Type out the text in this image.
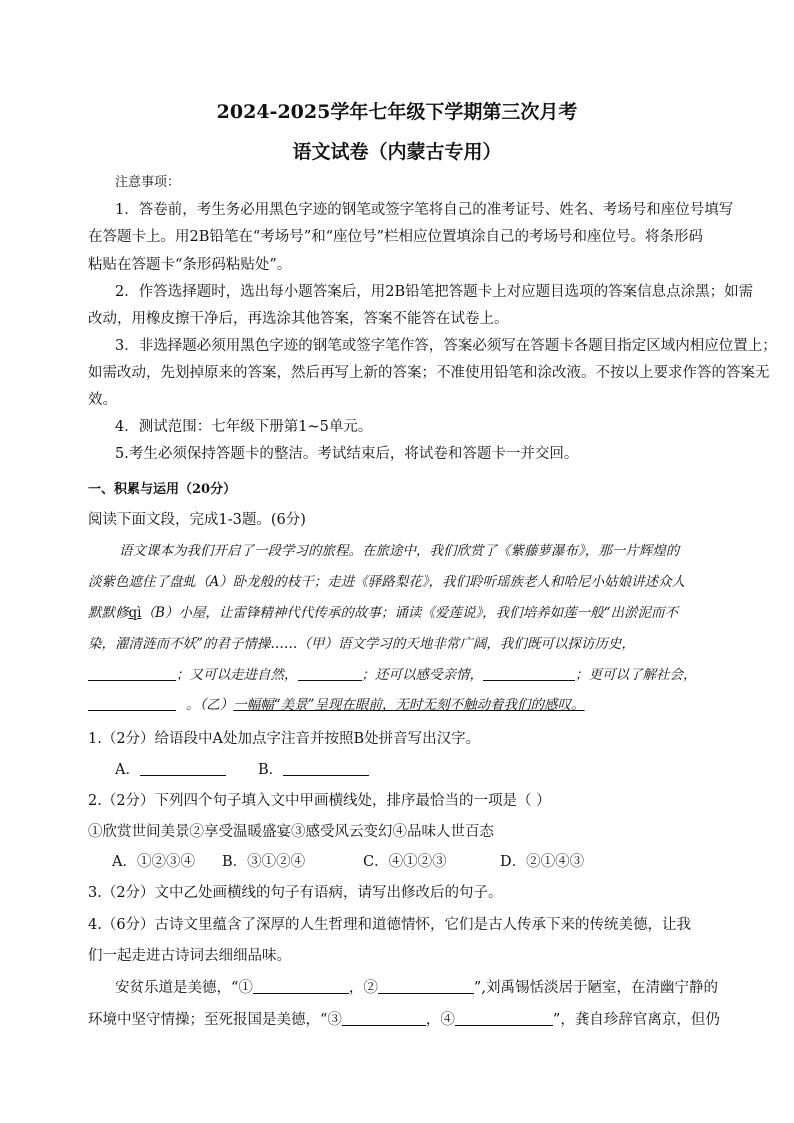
2024-2025学年七年级下学期第三次月考
语文试卷（内蒙古专用）
注意事项：
1．答卷前，考生务必用黑色字迹的钢笔或签字笔将自己的准考证号、姓名、考场号和座位号填写
在答题卡上。用2B铅笔在“考场号”和“座位号”栏相应位置填涂自己的考场号和座位号。将条形码
粘贴在答题卡“条形码粘贴处”。
2．作答选择题时，选出每小题答案后，用2B铅笔把答题卡上对应题目选项的答案信息点涂黑；如需
改动，用橡皮擦干净后，再选涂其他答案，答案不能答在试卷上。
3．非选择题必须用黑色字迹的钢笔或签字笔作答，答案必须写在答题卡各题目指定区域内相应位置上；
如需改动，先划掉原来的答案，然后再写上新的答案；不准使用铅笔和涂改液。不按以上要求作答的答案无
效。
4．测试范围：七年级下册第1~5单元。
5.考生必须保持答题卡的整洁。考试结束后，将试卷和答题卡一并交回。
一、积累与运用（20分）
阅读下面文段，完成1-3题。(6分)
语文课本为我们开启了一段学习的旅程。在旅途中，我们欣赏了《紫藤萝瀑布》，那一片辉煌的
淡紫色遮住了盘虬（A）卧龙般的枝干；走进《驿路梨花》，我们聆听瑶族老人和哈尼小姑娘讲述众人
默默修qì（B）小屋，让雷锋精神代代传承的故事；诵读《爱莲说》，我们培养如莲一般“出淤泥而不
染，濯清涟而不妖”的君子情操……（甲）语文学习的天地非常广阔，我们既可以探访历史，
；又可以走进自然，	；还可以感受亲情，	；更可以了解社会，
。（乙）一幅幅“美景”呈现在眼前，无时无刻不触动着我们的感叹。
1.（2分）给语段中A处加点字注音并按照B处拼音写出汉字。
A．	B．
2.（2分）下列四个句子填入文中甲画横线处，排序最恰当的一项是（ ）
①欣赏世间美景②享受温暖盛宴③感受风云变幻④品味人世百态
A．①②③④ B．③①②④	C．④①②③	D．②①④③
3.（2分）文中乙处画横线的句子有语病，请写出修改后的句子。
4.（6分）古诗文里蕴含了深厚的人生哲理和道德情怀，它们是古人传承下来的传统美德，让我
们一起走进古诗词去细细品味。
安贫乐道是美德，“①	，②	”,刘禹锡恬淡居于陋室，在清幽宁静的
环境中坚守情操；至死报国是美德，“③	，④	”，龚自珍辞官离京，但仍
